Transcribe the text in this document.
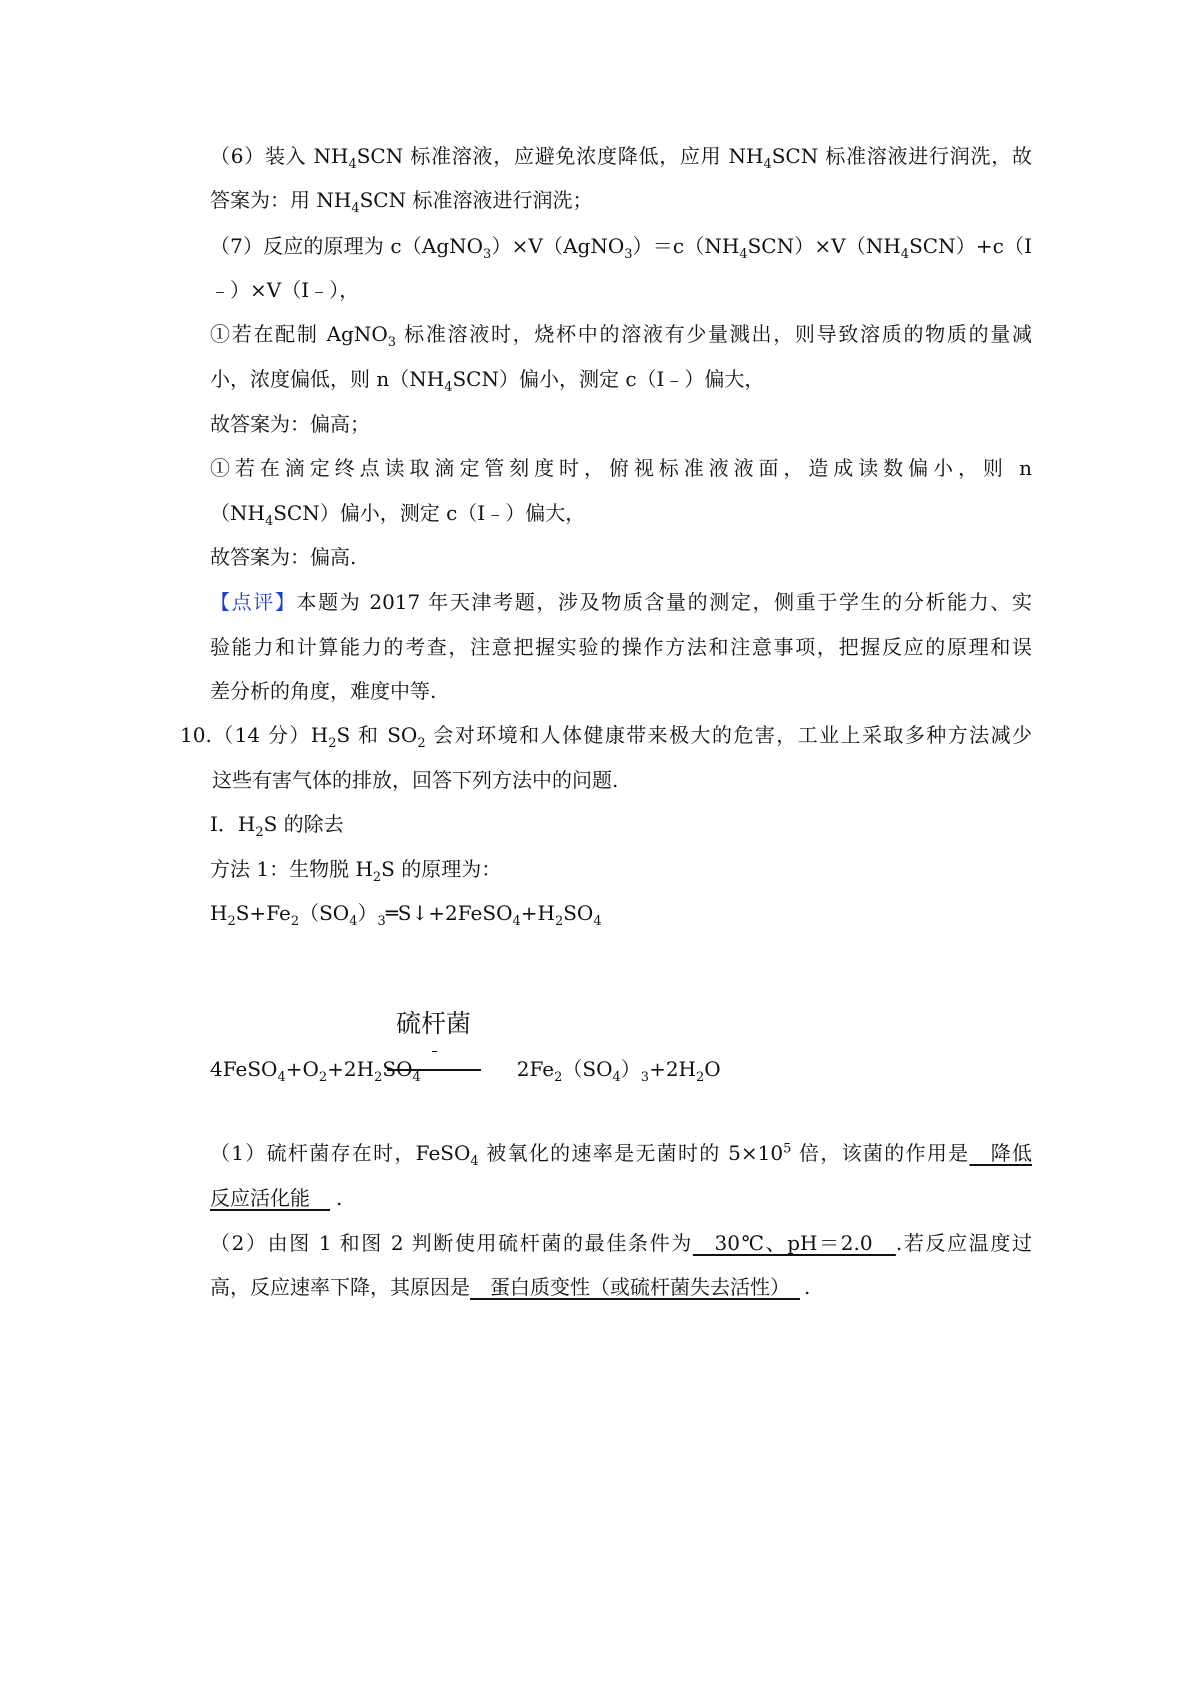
（6）装入 $NH_4SCN$ 标准溶液，应避免浓度降低，应用 $NH_4SCN$ 标准溶液进行润洗，故
答案为：用 $NH_4SCN$ 标准溶液进行润洗；
（7）反应的原理为 $c(AgNO_3)\times V(AgNO_3)=c(NH_4SCN)\times V(NH_4SCN)+c(I$
﹣）×V（I﹣），
①若在配制 AgNO$_3$ 标准溶液时，烧杯中的溶液有少量溅出，则导致溶质的物质的量减
小，浓度偏低，则 $n(NH_4SCN)$偏小，测定 c（I﹣）偏大，
故答案为：偏高；
①若在滴定终点读取滴定管刻度时，俯视标准液液面，造成读数偏小，则 n
$(NH_4SCN)$偏小，测定 c（I﹣）偏大，
故答案为：偏高.
【点评】本题为 2017 年天津考题，涉及物质含量的测定，侧重于学生的分析能力、实
验能力和计算能力的考查，注意把握实验的操作方法和注意事项，把握反应的原理和误
差分析的角度，难度中等.
10.（14 分）$H_2S$ 和 $SO_2$ 会对环境和人体健康带来极大的危害，工业上采取多种方法减少
这些有害气体的排放，回答下列方法中的问题.
Ⅰ．$H_2S$ 的除去
方法 1：生物脱 $H_2S$ 的原理为：
$H_2S+Fe_2(SO_4)_3═S↓+2FeSO_4+H_2SO_4$
硫杆菌
$4FeSO_4+O_2+2H_2SO_4$	$2Fe_2(SO_4)_3+2H_2O$
（1）硫杆菌存在时，FeSO$_4$ 被氧化的速率是无菌时的 $5\times 10^5$ 倍，该菌的作用是　降低
反应活化能　.
（2）由图 1 和图 2 判断使用硫杆菌的最佳条件为　30℃、pH＝2.0　.若反应温度过
高，反应速率下降，其原因是　蛋白质变性（或硫杆菌失去活性）　.
